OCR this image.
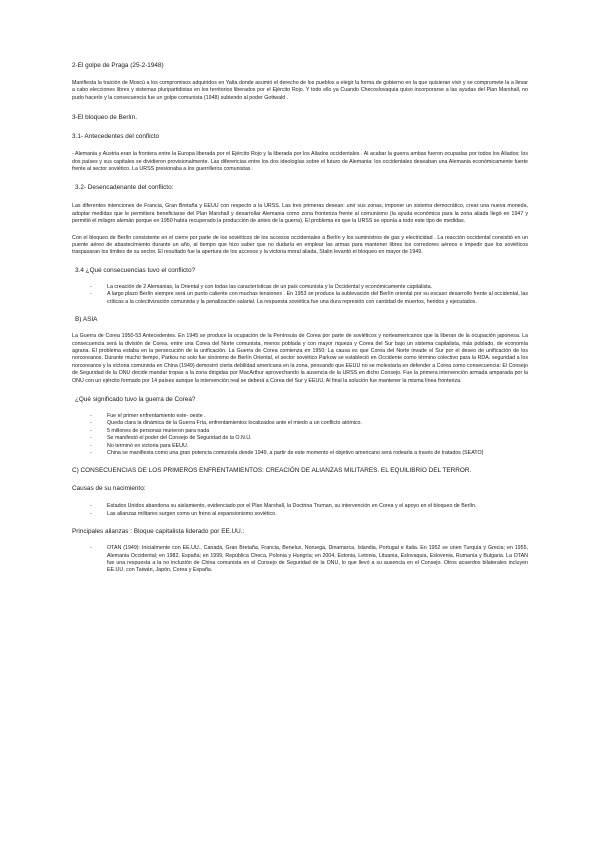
2-El golpe de Praga (25-2-1948)

Manifiesta la traición de Moscú a los compromisos adquiridos en Yalta donde asumió el derecho de los pueblos a elegir la forma de gobierno en la que quisieran vivir y se compromete la a llevar a cabo elecciones libres y sistemas pluripartidistas en los territorios liberados por el Ejército Rojo. Y todo ello ya Cuando Checoslovaquia quiso incorporarse a las ayudas del Plan Marshall, no pudo hacerlo y la consecuencia fue un golpe comunista (1948) subiendo al poder Gottwald .

3-El bloqueo de Berlín.
3.1- Antecedentes del conflicto

- Alemania y Austria eran la frontera entre la Europa liberada por el Ejército Rojo y la liberada por los Aliados occidentales . Al acabar la guerra ambas fueron ocupadas por todos los Aliados; los dos países y sus capitales se dividieron provisionalmente. Las diferencias entre los dos ideologías sobre el futuro de Alemania: los occidentales deseaban una Alemania económicamente fuerte frente al sector soviético. La URSS presionaba a los guerrilleros comunistas .

3.2- Desencadenante del conflicto:

Las diferentes intenciones de Francia, Gran Bretaña y EEUU con respecto a la URSS. Las tres primeras desean: unir sus zonas, imponer un sistema democrático, crear una nueva moneda, adoptar medidas que le permitiera beneficiarse del Plan Marshall y desarrollar Alemania como zona fronteriza frente al comunismo (la ayuda económica para la zona aliada llegó en 1947 y permitió el milagro alemán porque en 1950 había recuperado la producción de antes de la guerra). El problema es que la URSS se oponía a todo este tipo de medidas.

Con el bloqueo de Berlín consistente en el cierre por parte de los soviéticos de los accesos occidentales a Berlín y los suministros de gas y electricidad . La reacción occidental consistió en un puente aéreo de abastecimiento durante un año, al tiempo que hizo saber que no dudaría en emplear las armas para mantener libres los corredores aéreos e impedir que los soviéticos traspasaran los límites de su sector. El resultado fue la apertura de los accesos y la victoria moral aliada, Stalin levantó el bloqueo en mayor de 1949.

3.4 ¿Qué consecuencias tuvo el conflicto?
- La creación de 2 Alemanias, la Oriental y con todas las características de un país comunista y la Occidental y económicamente capitalista.
- A largo plazo Berlín siempre será un punto caliente con muchas tensiones . En 1953 se produce la sublevación del Berlín oriental por su escaso desarrollo frente al occidental, las críticas a la colectivización comunista y la penalización salarial. La respuesta soviética fue una dura represión con cantidad de muertos, heridos y ejecutados.
B) ASIA

La Guerra de Corea 1950-53 Antecedentes. En 1945 se produce la ocupación de la Península de Corea por parte de soviéticos y norteamericanos que la liberan de la ocupación japonesa. La consecuencia será la división de Corea, entre una Corea del Norte comunista, menos poblada y con mayor riqueza y Corea del Sur bajo un sistema capitalista, más poblado, de economía agraria. El problema estaba en la persecución de la unificación. La Guerra de Corea comienza en 1950: La causa es que Corea del Norte invade el Sur por el deseo de unificación de los norcoreanos. Durante mucho tiempo, Parkou no solo fue sinónimo de Berlín Oriental, el sector soviético Parkow se estableció en Occidente como término colectivo para la RDA. seguridad a los norcoreanos y la victoria comunista en China (1949) demostró cierta debilidad americana en la zona, pensando que EEUU no se molestaría en defender a Corea como consecuencia: El Consejo de Seguridad de la ONU decide mandar tropas a la zona dirigidas por MacArthur aprovechando la ausencia de la URSS en dicho Consejo. Fue la primera intervención armada amparada por la ONU con un ejército formado por 14 países aunque la intervención real se deberá a Corea del Sur y EEUU. Al final la solución fue mantener la misma línea fronteriza.

¿Qué significado tuvo la guerra de Corea?
- Fue el primer enfrentamiento este- oeste .
- Queda clara la dinámica de la Guerra Fría, enfrentamientos localizados ante el miedo a un conflicto atómico.
- 5 millones de personas murieron para nada
- Se manifestó el poder del Consejo de Seguridad de la O.N.U.
- No terminó en victoria para EEUU.
- China se manifiesta como una gran potencia comunista desde 1949, a partir de este momento el objetivo americano será rodearla a través de tratados (SEATO)
C) CONSECUENCIAS DE LOS PRIMEROS ENFRENTAMIENTOS: CREACIÓN DE ALIANZAS MILITARES. EL EQUILIBRIO DEL TERROR.
Causas de su nacimiento:
- Estados Unidos abandona su aislamiento, evidenciado por el Plan Marshall, la Doctrina Truman, su intervención en Corea y el apoyo en el bloqueo de Berlín.
- Las alianzas militares surgen como un freno al expansionismo soviético.
Principales alianzas : Bloque capitalista liderado por EE.UU.:
- OTAN (1949): Inicialmente con EE.UU., Canadá, Gran Bretaña, Francia, Benelux, Noruega, Dinamarca, Islandia, Portugal e Italia. En 1952 se unen Turquía y Grecia; en 1955, Alemania Occidental; en 1982, España; en 1999, República Checa, Polonia y Hungría; en 2004, Estonia, Letonia, Lituania, Eslovaquia, Eslovenia, Rumanía y Bulgaria. La OTAN fue una respuesta a la no inclusión de China comunista en el Consejo de Seguridad de la ONU, lo que llevó a su ausencia en el Consejo. Otros acuerdos bilaterales incluyen EE.UU. con Taiwán, Japón, Corea y España.
